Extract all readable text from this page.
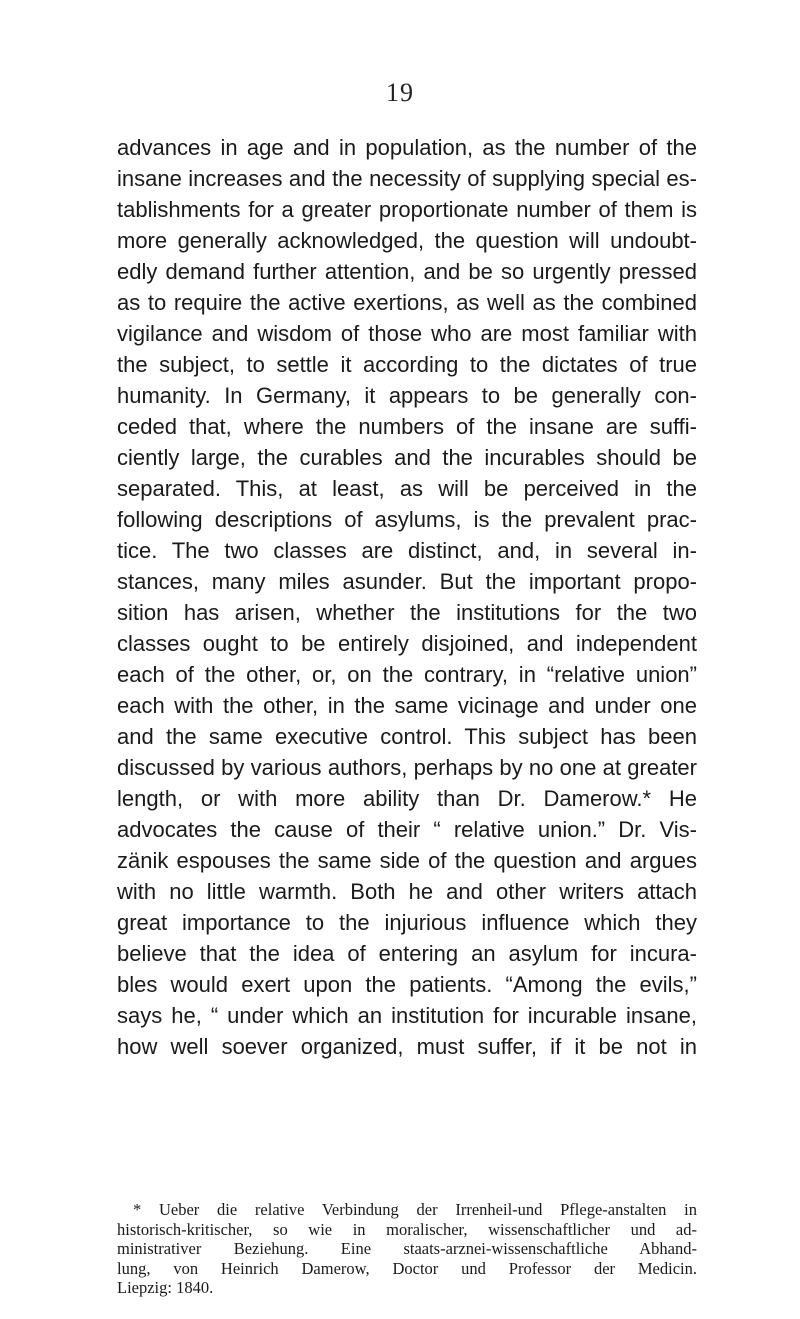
19
advances in age and in population, as the number of the
insane increases and the necessity of supplying special es-
tablishments for a greater proportionate number of them is
more generally acknowledged, the question will undoubt-
edly demand further attention, and be so urgently pressed
as to require the active exertions, as well as the combined
vigilance and wisdom of those who are most familiar with
the subject, to settle it according to the dictates of true
humanity. In Germany, it appears to be generally con-
ceded that, where the numbers of the insane are suffi-
ciently large, the curables and the incurables should be
separated. This, at least, as will be perceived in the
following descriptions of asylums, is the prevalent prac-
tice. The two classes are distinct, and, in several in-
stances, many miles asunder. But the important propo-
sition has arisen, whether the institutions for the two
classes ought to be entirely disjoined, and independent
each of the other, or, on the contrary, in “relative union”
each with the other, in the same vicinage and under one
and the same executive control. This subject has been
discussed by various authors, perhaps by no one at greater
length, or with more ability than Dr. Damerow.* He
advocates the cause of their “ relative union.” Dr. Vis-
zänik espouses the same side of the question and argues
with no little warmth. Both he and other writers attach
great importance to the injurious influence which they
believe that the idea of entering an asylum for incura-
bles would exert upon the patients. “Among the evils,”
says he, “ under which an institution for incurable insane,
how well soever organized, must suffer, if it be not in
* Ueber die relative Verbindung der Irrenheil-und Pflege-anstalten in
historisch-kritischer, so wie in moralischer, wissenschaftlicher und ad-
ministrativer Beziehung. Eine staats-arznei-wissenschaftliche Abhand-
lung, von Heinrich Damerow, Doctor und Professor der Medicin.
Liepzig: 1840.
